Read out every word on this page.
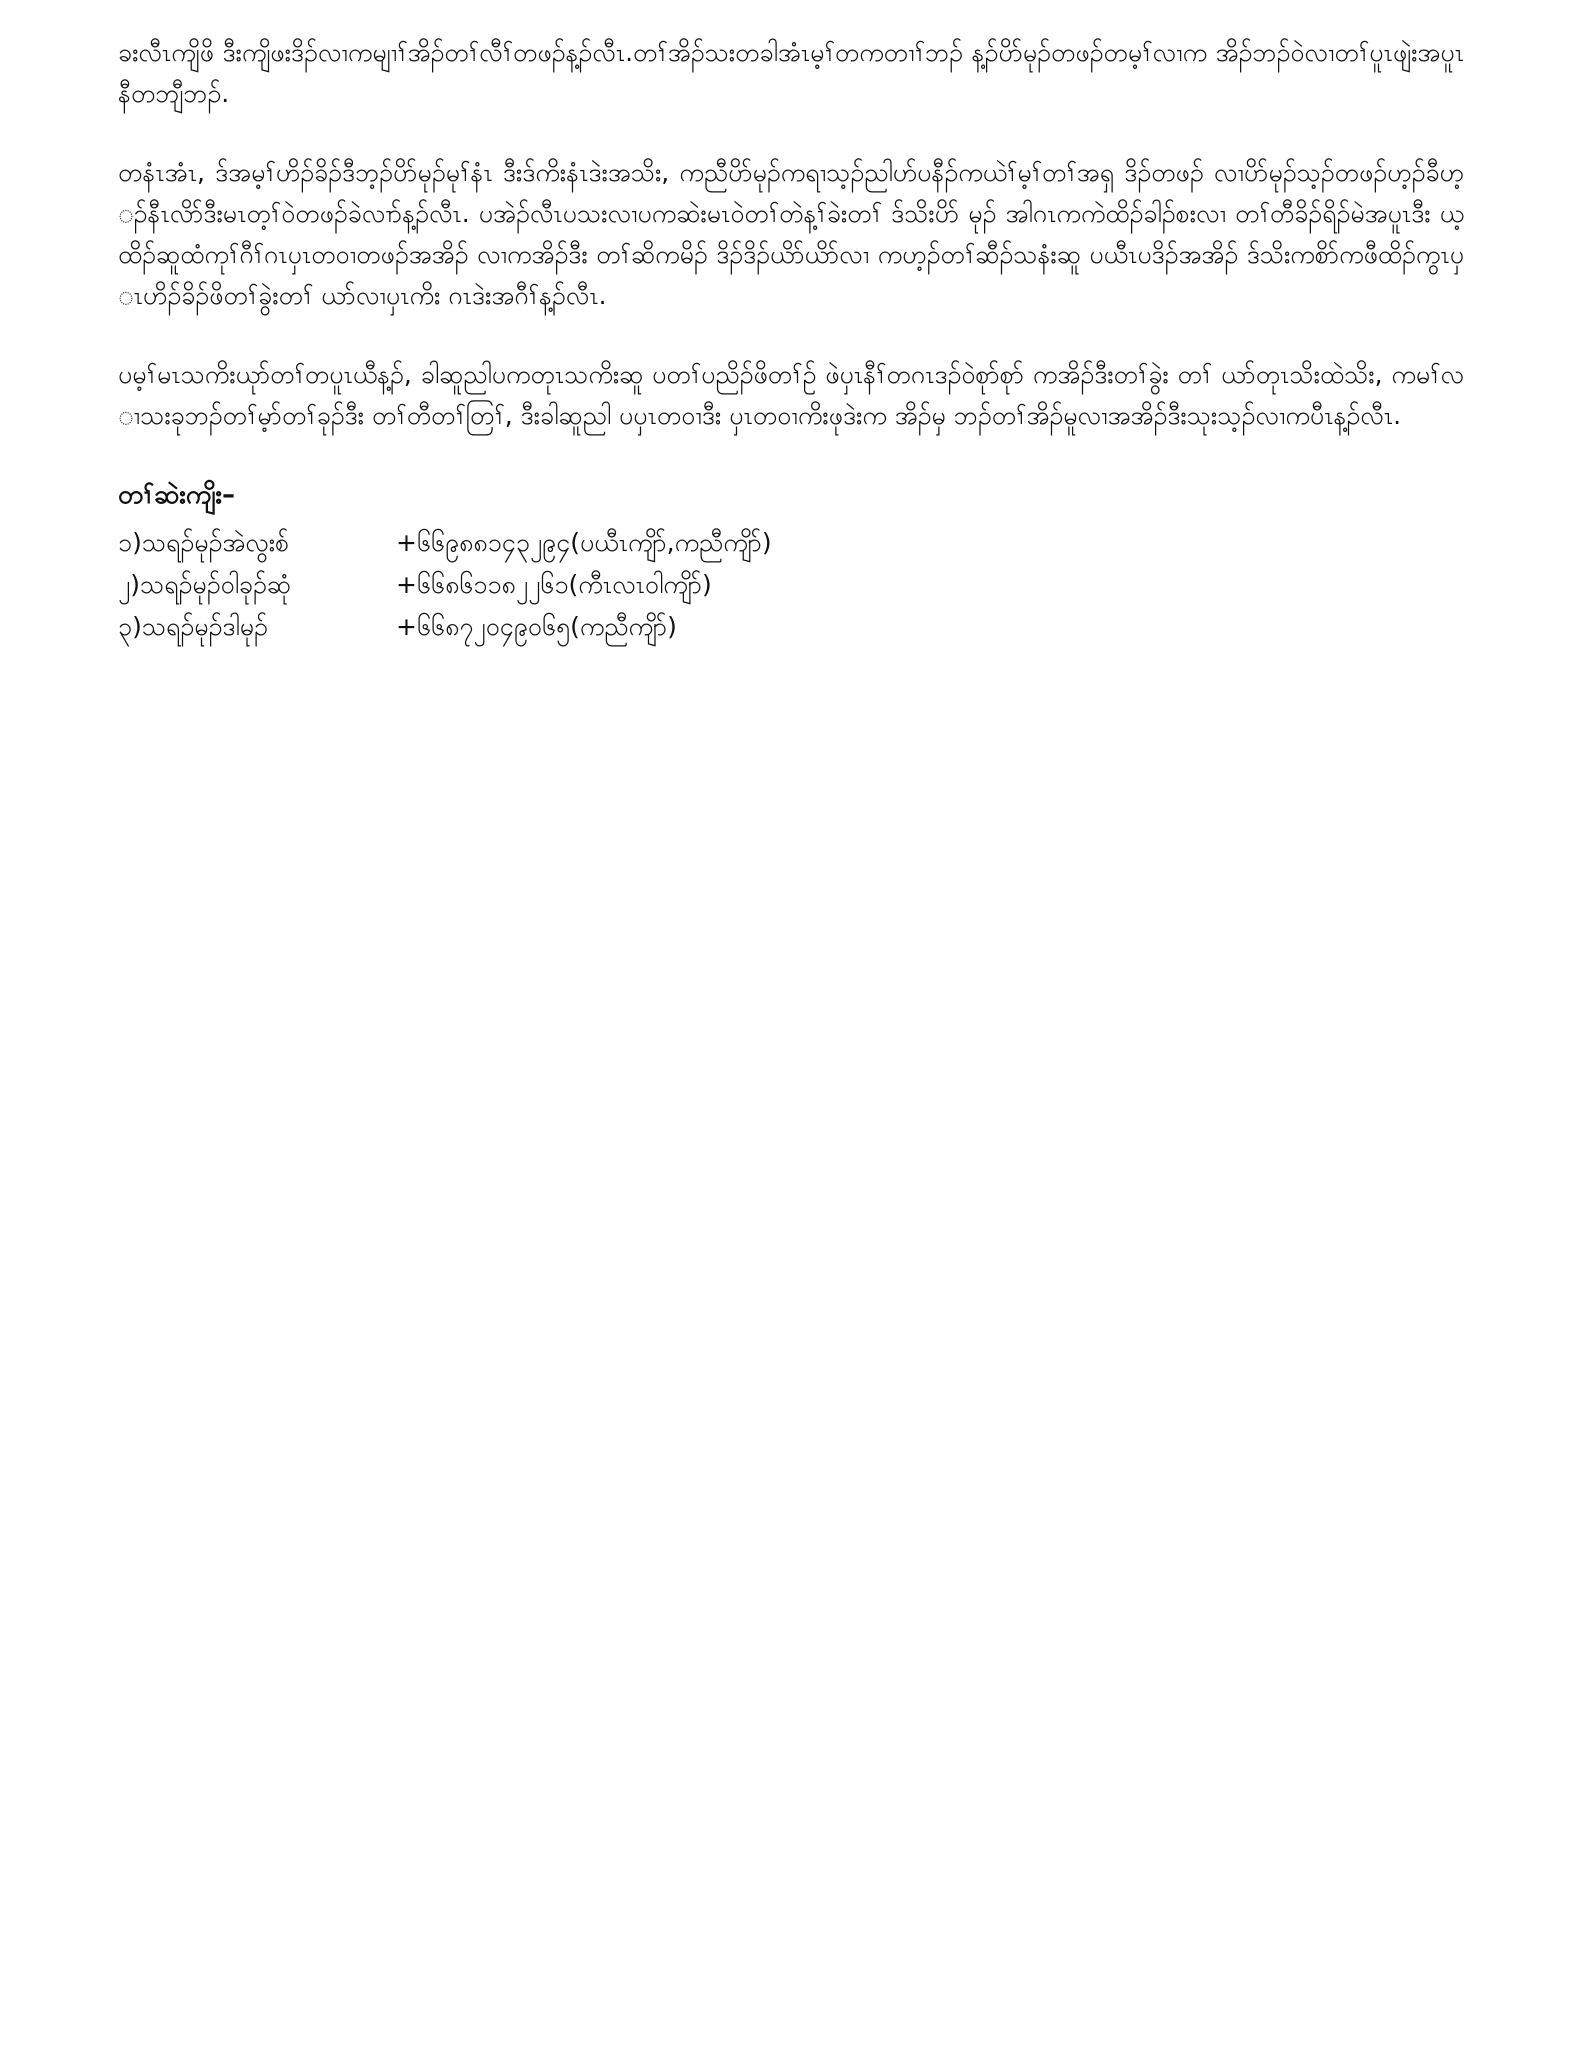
ခးလီၤကျိဖိ ဒီးကျိဖးဒိၣ်လၢကမျၢၢ်အိၣ်တၢ်လီၢ်တဖၣ်န့ၣ်လီၤ.တၢ်အိၣ်သးတခါအံၤမ့ၢ်တကတၢၢ်ဘၣ် န့ၣ်ပိာ်မုၣ်တဖၣ်တမ့ၢ်လၢက အိၣ်ဘၣ်ဝဲလၢတၢ်ပူၤဖျဲးအပူၤနီတဘျီဘၣ်.

တနံၤအံၤ, ဒ်အမ့ၢ်ဟိၣ်ခိၣ်ဒီဘ့ၣ်ပိာ်မုၣ်မုၢ်နံၤ ဒီးဒ်ကိးနံၤဒဲးအသိး, ကညီပိာ်မုၣ်ကရၢသ့ၣ်ညါဟ်ပနီၣ်ကယဲၢ်မ့ၢ်တၢ်အရှ ဒိၣ်တဖၣ် လၢပိာ်မုၣ်သ့ၣ်တဖၣ်ဟ့ၣ်ခီဟ့ၣ်နီၤလိာ်ဒီးမၤတ့ၢ်ဝဲတဖၣ်ခဲလၢာ်န့ၣ်လီၤ. ပအဲၣ်လီၤပသးလၢပကဆဲးမၤဝဲတၢ်တဲန့ၢ်ခဲးတၢ် ဒ်သိးပိာ် မုၣ် အါဂၤကကဲထိၣ်ခါၣ်စးလၢ တၢ်တီခိၣ်ရိၣ်မဲအပူၤဒီး ယ့ထိၣ်ဆူထံကုၢ်ဂီၢ်ဂၤပှၤတဝၢတဖၣ်အအိၣ် လၢကအိၣ်ဒီး တၢ်ဆိကမိၣ် ဒိၣ်ဒိၣ်ယိာ်ယိာ်လၢ ကဟ့ၣ်တၢ်ဆီၣ်သနံးဆူ ပယီၤပဒိၣ်အအိၣ် ဒ်သိးကစိာ်ကဖီထိၣ်ကွၤပှၤဟိၣ်ခိၣ်ဖိတၢ်ခွဲးတၢ် ယာ်လၢပှၤကိး ဂၤဒဲးအဂီၢ်န့ၣ်လီၤ.

ပမ့ၢ်မၤသကိးယုာ်တၢ်တပူၤယီန့ၣ်, ခါဆူညါပကတုၤသကိးဆူ ပတၢ်ပညိၣ်ဖိတၢ်ဉ် ဖဲပှၤနီၢ်တဂၤဒၣ်ဝဲစုာ်စုာ် ကအိၣ်ဒီးတၢ်ခွဲး တၢ် ယာ်တုၤသိးထဲသိး, ကမၢ်လၢသးခုဘၣ်တၢ်မ့ာ်တၢ်ခုၣ်ဒီး တၢ်တီတၢ်တြၢ်, ဒီးခါဆူညါ ပပှၤတဝၢဒီး ပှၤတဝၢကိးဖုဒဲးက အိၣ်မှ ဘၣ်တၢ်အိၣ်မူလၢအအိၣ်ဒီးသုးသ့ၣ်လၢကပီၤန့ၣ်လီၤ.

တၢ်ဆဲးကျိး–
၁)သရၣ်မုၣ်အဲလွးစ်	+၆၆၉၈၈၁၄၃၂၉၄(ပယီၤကျိာ်,ကညီကျိာ်)
၂)သရၣ်မုၣ်ဝါခုၣ်ဆုံ	+၆၆၈၆၁၁၈၂၂၆၁(ကီၤလၤဝါကျိာ်)
၃)သရၣ်မုၣ်ဒါမုၣ်	+၆၆၈၇၂၀၄၉၀၆၅(ကညီကျိာ်)
